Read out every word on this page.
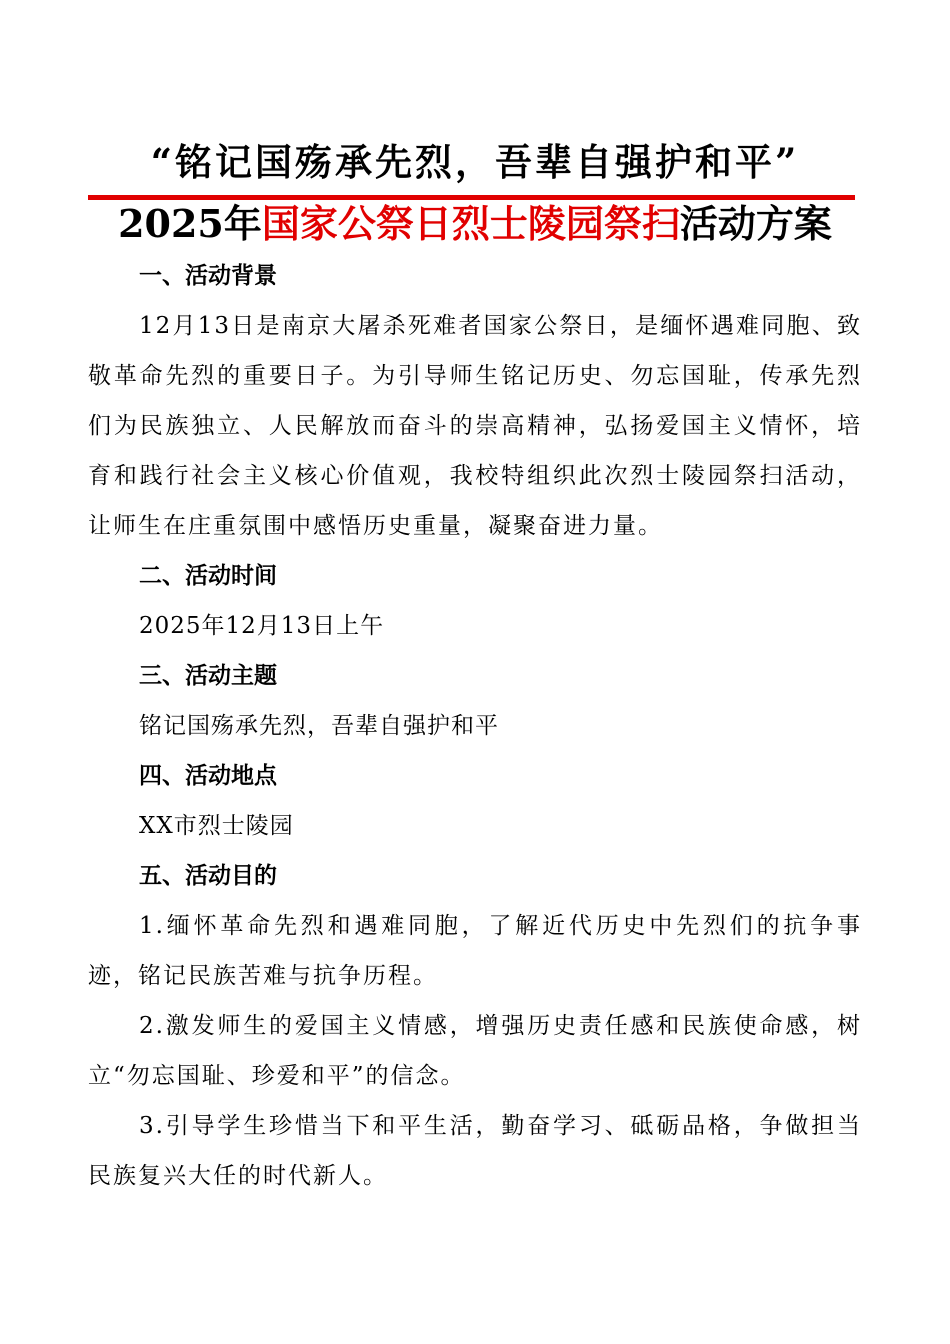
“铭记国殇承先烈，吾辈自强护和平”
2025年国家公祭日烈士陵园祭扫活动方案
一、活动背景

12月13日是南京大屠杀死难者国家公祭日，是缅怀遇难同胞、致敬革命先烈的重要日子。为引导师生铭记历史、勿忘国耻，传承先烈们为民族独立、人民解放而奋斗的崇高精神，弘扬爱国主义情怀，培育和践行社会主义核心价值观，我校特组织此次烈士陵园祭扫活动，让师生在庄重氛围中感悟历史重量，凝聚奋进力量。

二、活动时间
2025年12月13日上午
三、活动主题
铭记国殇承先烈，吾辈自强护和平
四、活动地点
XX市烈士陵园
五、活动目的

1.缅怀革命先烈和遇难同胞，了解近代历史中先烈们的抗争事迹，铭记民族苦难与抗争历程。

2.激发师生的爱国主义情感，增强历史责任感和民族使命感，树立“勿忘国耻、珍爱和平”的信念。

3.引导学生珍惜当下和平生活，勤奋学习、砥砺品格，争做担当民族复兴大任的时代新人。
